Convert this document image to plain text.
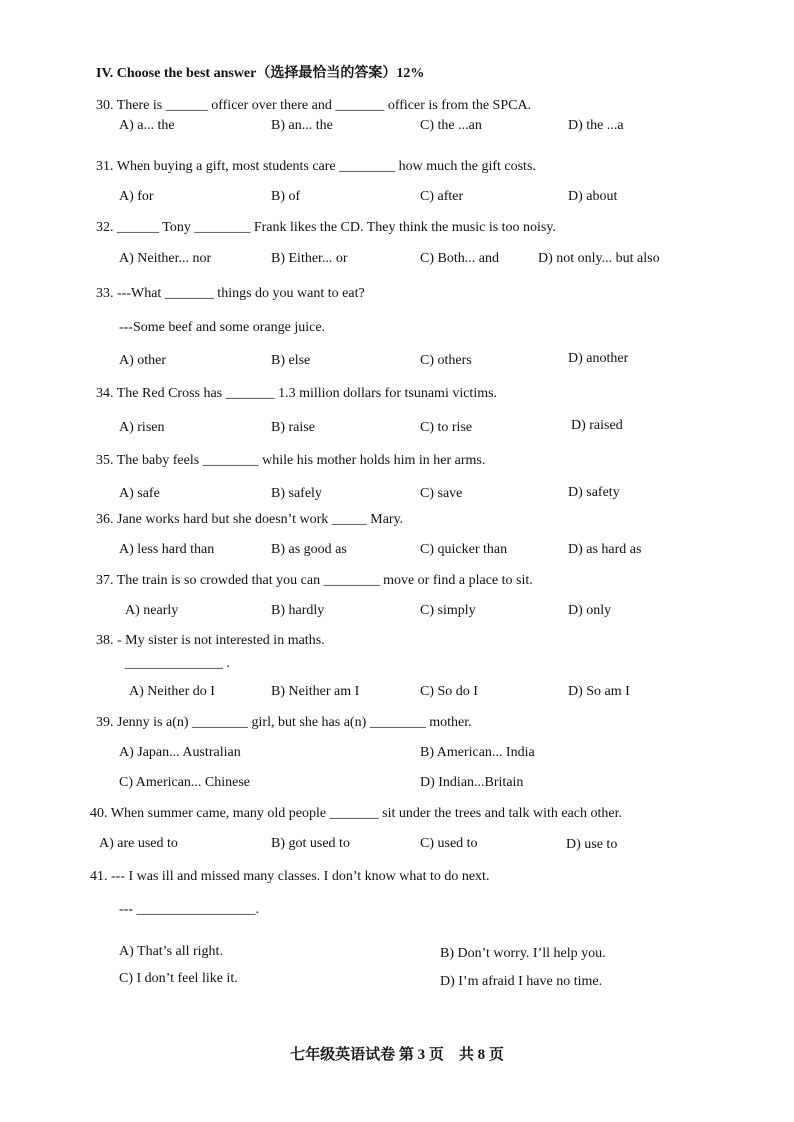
IV. Choose the best answer（选择最恰当的答案）12%
30. There is ______ officer over there and _______ officer is from the SPCA.
A) a... the	B) an... the	C) the ...an	D) the ...a
31. When buying a gift, most students care ________ how much the gift costs.
A) for	B) of	C) after	D) about
32. ______ Tony ________ Frank likes the CD. They think the music is too noisy.
A) Neither... nor	B) Either... or	C) Both... and	D) not only... but also
33. ---What _______ things do you want to eat?
---Some beef and some orange juice.
A) other	B) else	C) others	D) another
34. The Red Cross has _______ 1.3 million dollars for tsunami victims.
A) risen	B) raise	C) to rise	D) raised
35. The baby feels ________ while his mother holds him in her arms.
A) safe	B) safely	C) save	D) safety
36. Jane works hard but she doesn’t work _____ Mary.
A) less hard than	B) as good as	C) quicker than	D) as hard as
37. The train is so crowded that you can ________ move or find a place to sit.
A) nearly	B) hardly	C) simply	D) only
38. - My sister is not interested in maths.
______________ .
A) Neither do I	B) Neither am I	C) So do I	D) So am I
39. Jenny is a(n) ________ girl, but she has a(n) ________ mother.
A) Japan... Australian	B) American... India
C) American... Chinese	D) Indian...Britain
40. When summer came, many old people _______ sit under the trees and talk with each other.
A) are used to	B) got used to	C) used to	D) use to
41. --- I was ill and missed many classes. I don’t know what to do next.
--- _________________.
A) That’s all right.	B) Don’t worry. I’ll help you.
C) I don’t feel like it.	D) I’m afraid I have no time.
七年级英语试卷 第 3 页　共 8 页
